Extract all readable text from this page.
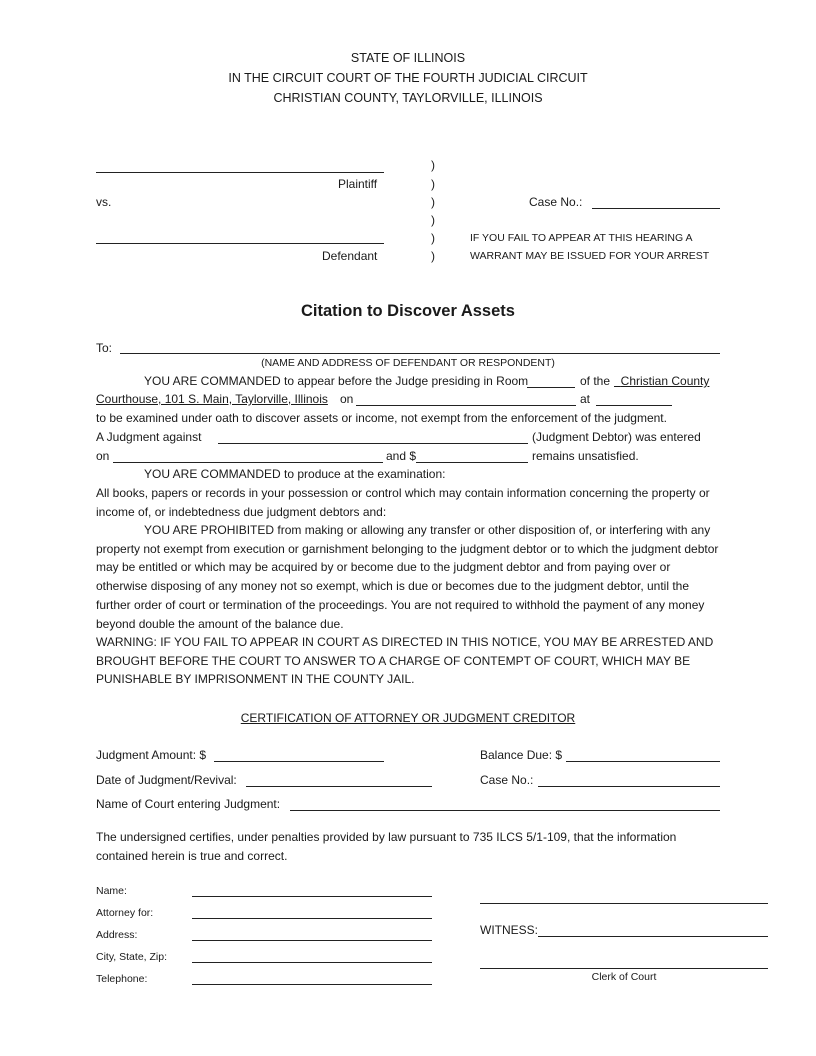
STATE OF ILLINOIS
IN THE CIRCUIT COURT OF THE FOURTH JUDICIAL CIRCUIT
CHRISTIAN COUNTY, TAYLORVILLE, ILLINOIS
Plaintiff
vs.
Defendant
)
)
)
)
)
)
Case No.:
IF YOU FAIL TO APPEAR AT THIS HEARING A
WARRANT MAY BE ISSUED FOR YOUR ARREST
Citation to Discover Assets
To:
(NAME AND ADDRESS OF DEFENDANT OR RESPONDENT)
YOU ARE COMMANDED to appear before the Judge presiding in Room	of the Christian County
Courthouse, 101 S. Main, Taylorville, Illinois on	at
to be examined under oath to discover assets or income, not exempt from the enforcement of the judgment.
A Judgment against	(Judgment Debtor) was entered
on	and $	remains unsatisfied.
YOU ARE COMMANDED to produce at the examination:
All books, papers or records in your possession or control which may contain information concerning the property or income of, or indebtedness due judgment debtors and:
YOU ARE PROHIBITED from making or allowing any transfer or other disposition of, or interfering with any property not exempt from execution or garnishment belonging to the judgment debtor or to which the judgment debtor may be entitled or which may be acquired by or become due to the judgment debtor and from paying over or otherwise disposing of any money not so exempt, which is due or becomes due to the judgment debtor, until the further order of court or termination of the proceedings. You are not required to withhold the payment of any money beyond double the amount of the balance due.
WARNING: IF YOU FAIL TO APPEAR IN COURT AS DIRECTED IN THIS NOTICE, YOU MAY BE ARRESTED AND BROUGHT BEFORE THE COURT TO ANSWER TO A CHARGE OF CONTEMPT OF COURT, WHICH MAY BE PUNISHABLE BY IMPRISONMENT IN THE COUNTY JAIL.
CERTIFICATION OF ATTORNEY OR JUDGMENT CREDITOR
Judgment Amount: $	Balance Due: $
Date of Judgment/Revival:	Case No.:
Name of Court entering Judgment:
The undersigned certifies, under penalties provided by law pursuant to 735 ILCS 5/1-109, that the information contained herein is true and correct.
Name:
Attorney for:
Address:
City, State, Zip:
Telephone:
WITNESS:
Clerk of Court
